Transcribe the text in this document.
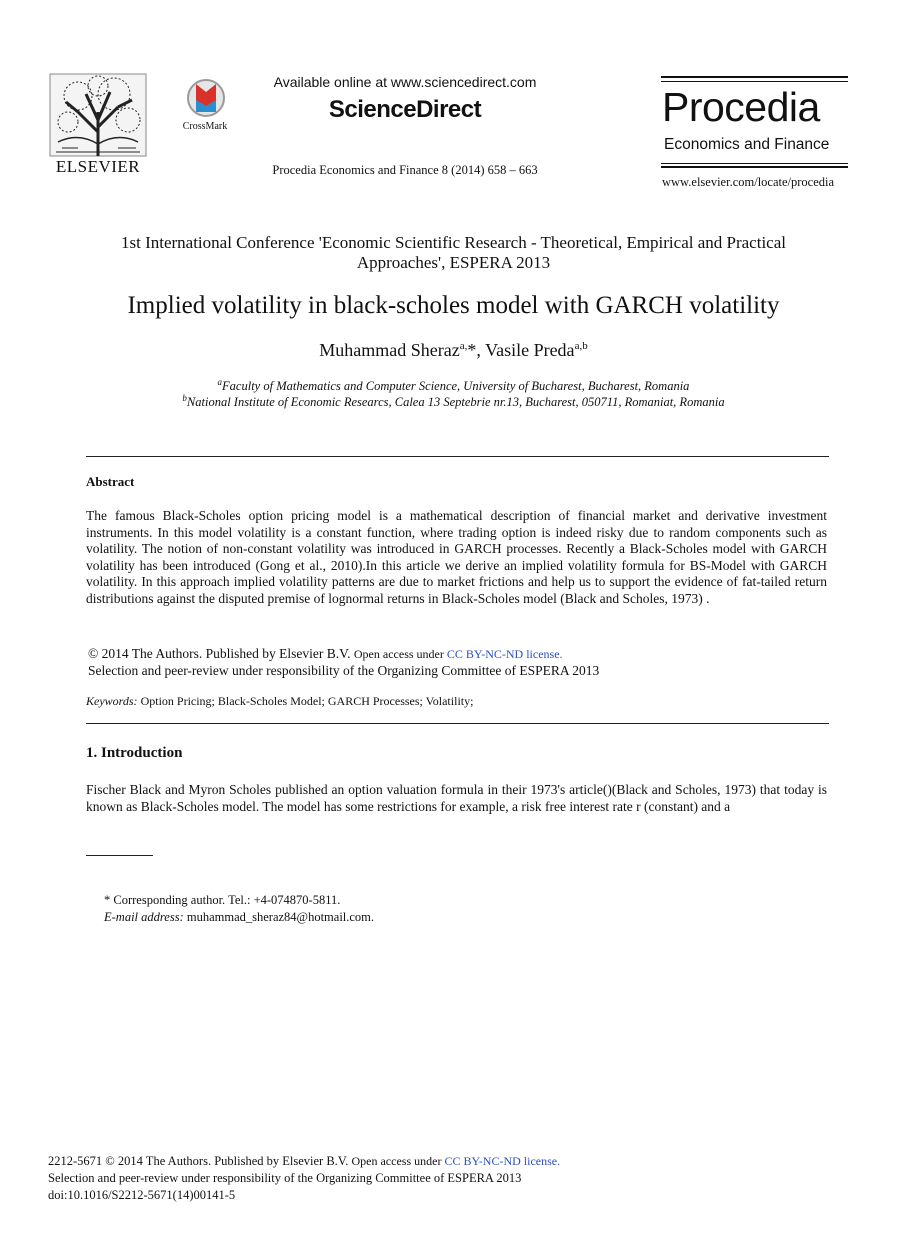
ELSEVIER
CrossMark
Available online at www.sciencedirect.com
ScienceDirect
Procedia Economics and Finance 8 (2014) 658 – 663
Procedia
Economics and Finance
www.elsevier.com/locate/procedia
1st International Conference 'Economic Scientific Research - Theoretical, Empirical and Practical
Approaches', ESPERA 2013
Implied volatility in black-scholes model with GARCH volatility
Muhammad Sheraz$^{a,}$*, Vasile Preda$^{a,b}$
$^a$Faculty of Mathematics and Computer Science, University of Bucharest, Bucharest, Romania
$^b$National Institute of Economic Researcs, Calea 13 Septebrie nr.13, Bucharest, 050711, Romaniat, Romania
Abstract
The famous Black-Scholes option pricing model is a mathematical description of financial market and derivative investment instruments. In this model volatility is a constant function, where trading option is indeed risky due to random components such as volatility. The notion of non-constant volatility was introduced in GARCH processes. Recently a Black-Scholes model with GARCH volatility has been introduced (Gong et al., 2010).In this article we derive an implied volatility formula for BS-Model with GARCH volatility. In this approach implied volatility patterns are due to market frictions and help us to support the evidence of fat-tailed return distributions against the disputed premise of lognormal returns in Black-Scholes model (Black and Scholes, 1973) .
© 2014 The Authors. Published by Elsevier B.V. Open access under CC BY-NC-ND license.
Selection and peer-review under responsibility of the Organizing Committee of ESPERA 2013
Keywords: Option Pricing; Black-Scholes Model; GARCH Processes; Volatility;
1. Introduction
Fischer Black and Myron Scholes published an option valuation formula in their 1973's article()(Black and Scholes, 1973) that today is known as Black-Scholes model. The model has some restrictions for example, a risk free interest rate r (constant) and a
* Corresponding author. Tel.: +4-074870-5811.
E-mail address: muhammad_sheraz84@hotmail.com.
2212-5671 © 2014 The Authors. Published by Elsevier B.V. Open access under CC BY-NC-ND license.
Selection and peer-review under responsibility of the Organizing Committee of ESPERA 2013
doi:10.1016/S2212-5671(14)00141-5
